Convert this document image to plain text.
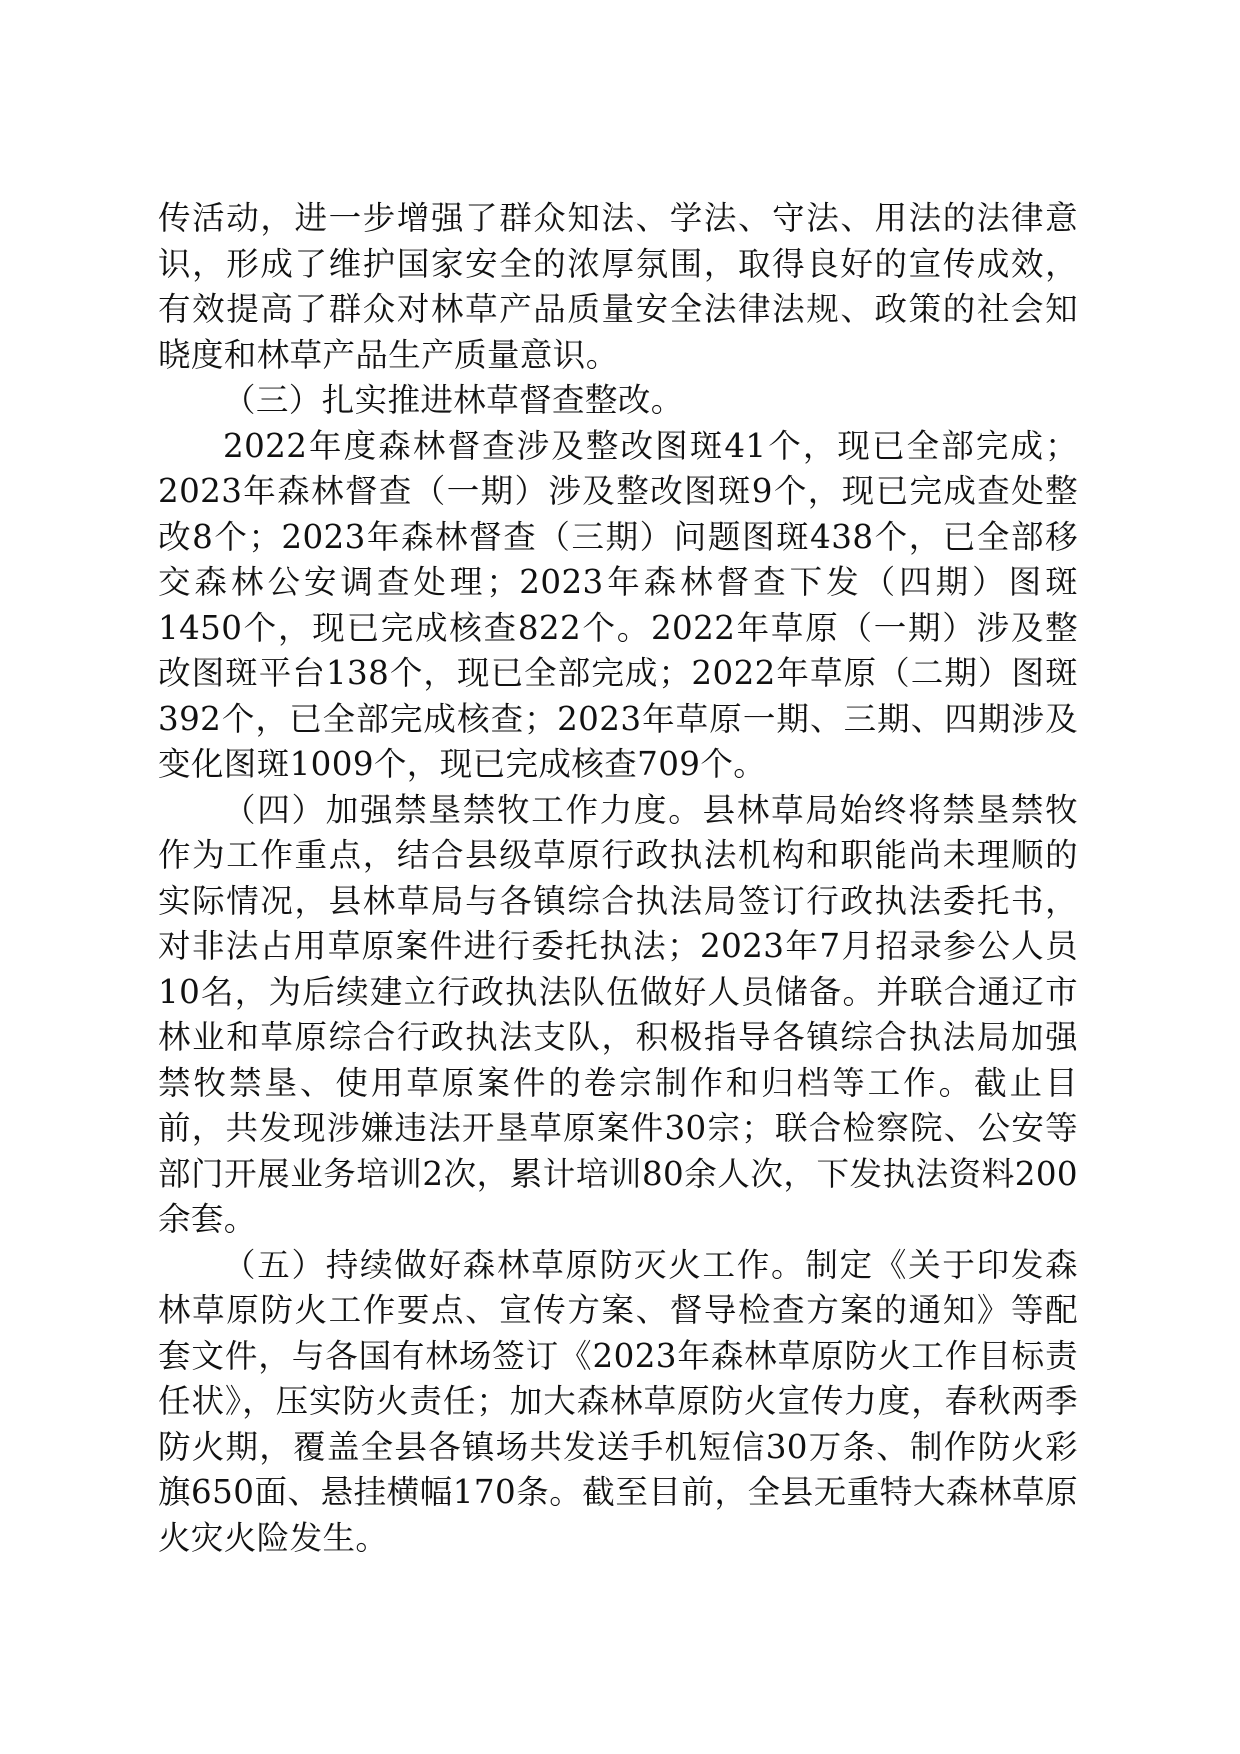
传活动，进一步增强了群众知法、学法、守法、用法的法律意识，形成了维护国家安全的浓厚氛围，取得良好的宣传成效，有效提高了群众对林草产品质量安全法律法规、政策的社会知晓度和林草产品生产质量意识。

（三）扎实推进林草督查整改。

2022年度森林督查涉及整改图斑41个，现已全部完成；2023年森林督查（一期）涉及整改图斑9个，现已完成查处整改8个；2023年森林督查（三期）问题图斑438个，已全部移交森林公安调查处理；2023年森林督查下发（四期）图斑1450个，现已完成核查822个。2022年草原（一期）涉及整改图斑平台138个，现已全部完成；2022年草原（二期）图斑392个，已全部完成核查；2023年草原一期、三期、四期涉及变化图斑1009个，现已完成核查709个。

（四）加强禁垦禁牧工作力度。县林草局始终将禁垦禁牧作为工作重点，结合县级草原行政执法机构和职能尚未理顺的实际情况，县林草局与各镇综合执法局签订行政执法委托书，对非法占用草原案件进行委托执法；2023年7月招录参公人员10名，为后续建立行政执法队伍做好人员储备。并联合通辽市林业和草原综合行政执法支队，积极指导各镇综合执法局加强禁牧禁垦、使用草原案件的卷宗制作和归档等工作。截止目前，共发现涉嫌违法开垦草原案件30宗；联合检察院、公安等部门开展业务培训2次，累计培训80余人次，下发执法资料200余套。

（五）持续做好森林草原防灭火工作。制定《关于印发森林草原防火工作要点、宣传方案、督导检查方案的通知》等配套文件，与各国有林场签订《2023年森林草原防火工作目标责任状》，压实防火责任；加大森林草原防火宣传力度，春秋两季防火期，覆盖全县各镇场共发送手机短信30万条、制作防火彩旗650面、悬挂横幅170条。截至目前，全县无重特大森林草原火灾火险发生。
